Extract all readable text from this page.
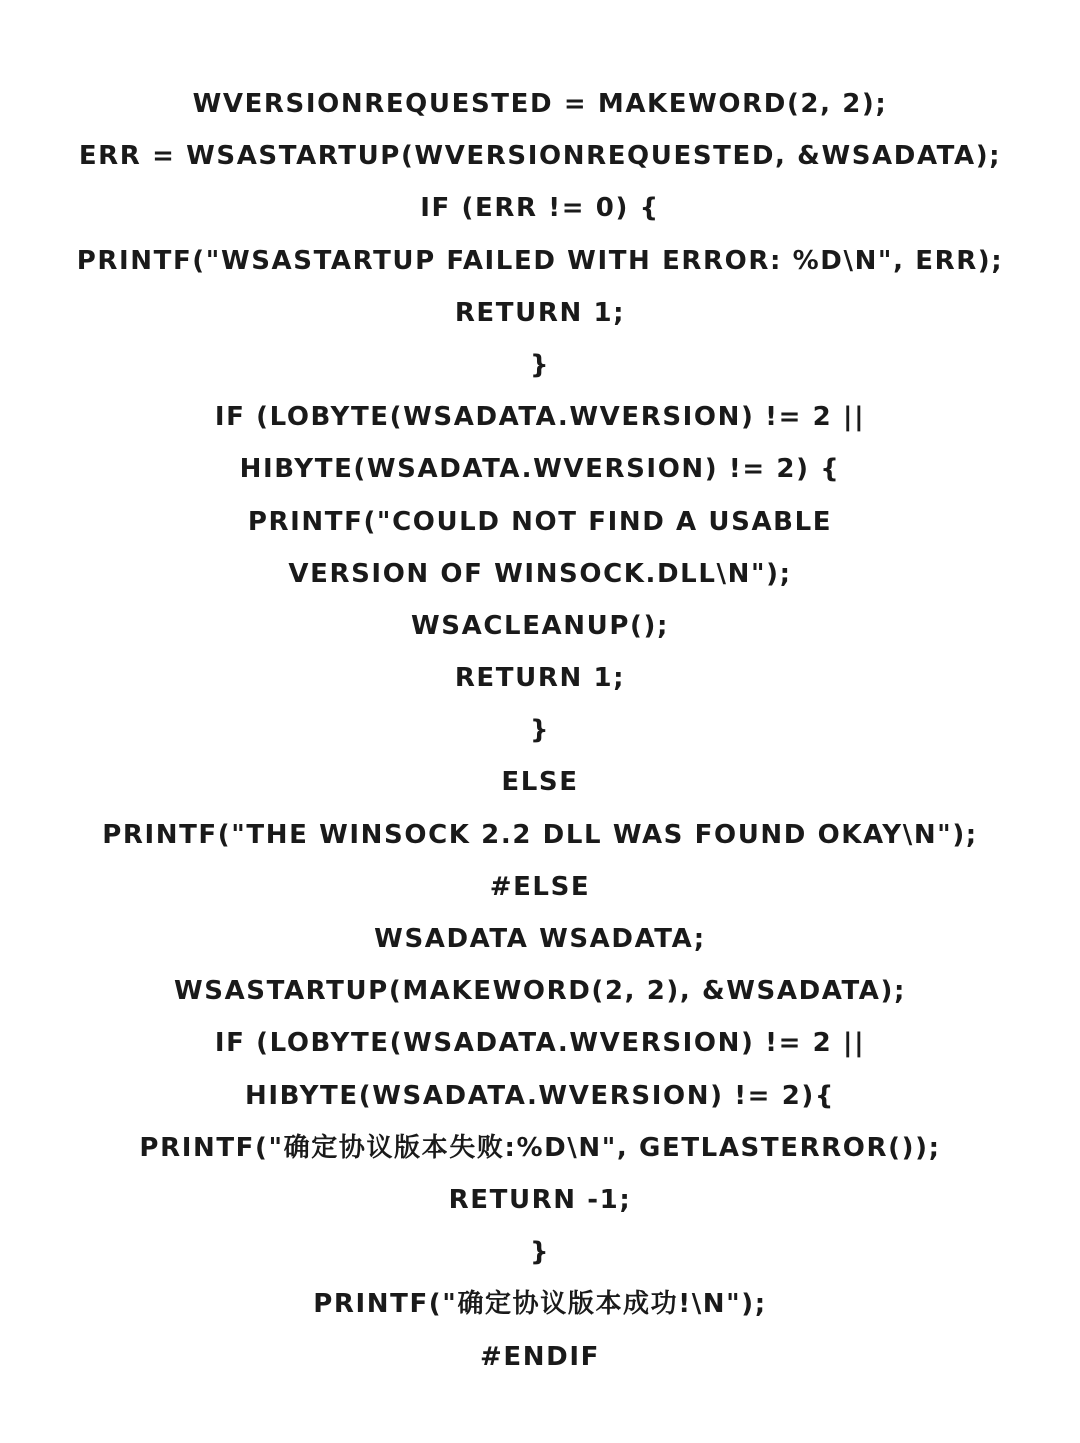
WVERSIONREQUESTED = MAKEWORD(2, 2);
ERR = WSASTARTUP(WVERSIONREQUESTED, &WSADATA);
IF (ERR != 0) {
PRINTF("WSASTARTUP FAILED WITH ERROR: %D\N", ERR);
RETURN 1;
}
IF (LOBYTE(WSADATA.WVERSION) != 2 ||
HIBYTE(WSADATA.WVERSION) != 2) {
PRINTF("COULD NOT FIND A USABLE
VERSION OF WINSOCK.DLL\N");
WSACLEANUP();
RETURN 1;
}
ELSE
PRINTF("THE WINSOCK 2.2 DLL WAS FOUND OKAY\N");
#ELSE
WSADATA WSADATA;
WSASTARTUP(MAKEWORD(2, 2), &WSADATA);
IF (LOBYTE(WSADATA.WVERSION) != 2 ||
HIBYTE(WSADATA.WVERSION) != 2){
PRINTF("确定协议版本失败:%D\N", GETLASTERROR());
RETURN -1;
}
PRINTF("确定协议版本成功!\N");
#ENDIF
